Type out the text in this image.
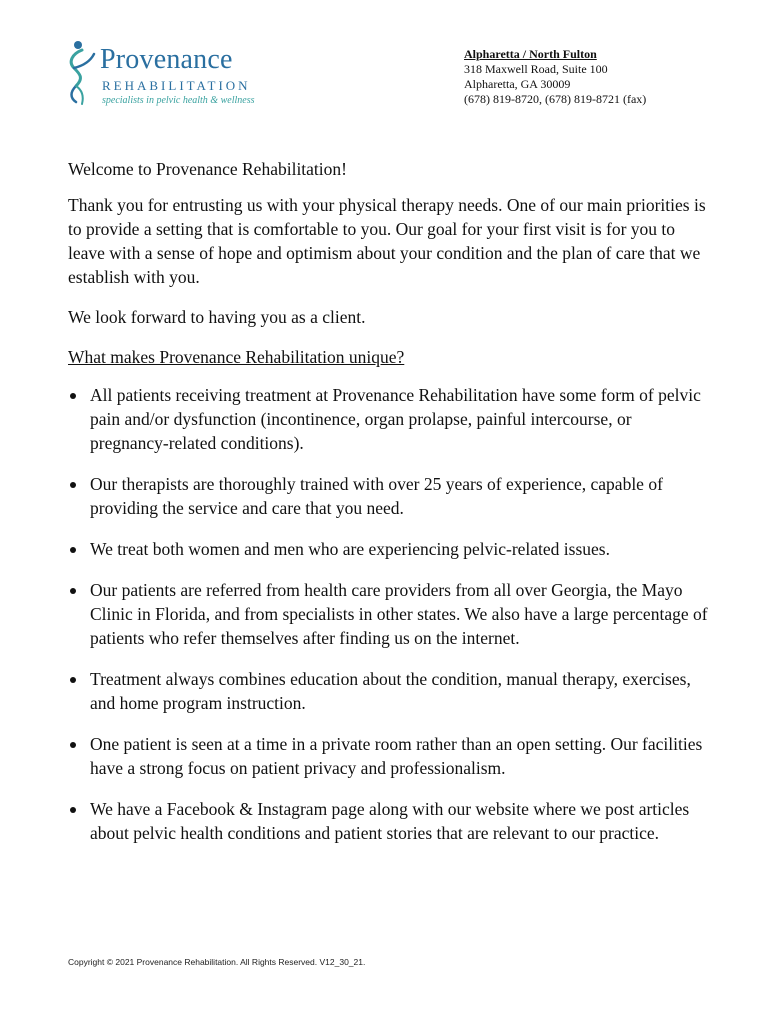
Provenance
REHABILITATION
specialists in pelvic health & wellness
Alpharetta / North Fulton
318 Maxwell Road, Suite 100
Alpharetta, GA 30009
(678) 819-8720, (678) 819-8721 (fax)

Welcome to Provenance Rehabilitation!

Thank you for entrusting us with your physical therapy needs. One of our main priorities is to provide a setting that is comfortable to you. Our goal for your first visit is for you to leave with a sense of hope and optimism about your condition and the plan of care that we establish with you.

We look forward to having you as a client.

What makes Provenance Rehabilitation unique?

All patients receiving treatment at Provenance Rehabilitation have some form of pelvic pain and/or dysfunction (incontinence, organ prolapse, painful intercourse, or pregnancy-related conditions).
Our therapists are thoroughly trained with over 25 years of experience, capable of providing the service and care that you need.
We treat both women and men who are experiencing pelvic-related issues.
Our patients are referred from health care providers from all over Georgia, the Mayo Clinic in Florida, and from specialists in other states. We also have a large percentage of patients who refer themselves after finding us on the internet.
Treatment always combines education about the condition, manual therapy, exercises, and home program instruction.
One patient is seen at a time in a private room rather than an open setting. Our facilities have a strong focus on patient privacy and professionalism.
We have a Facebook & Instagram page along with our website where we post articles about pelvic health conditions and patient stories that are relevant to our practice.
Copyright © 2021 Provenance Rehabilitation. All Rights Reserved. V12_30_21.
